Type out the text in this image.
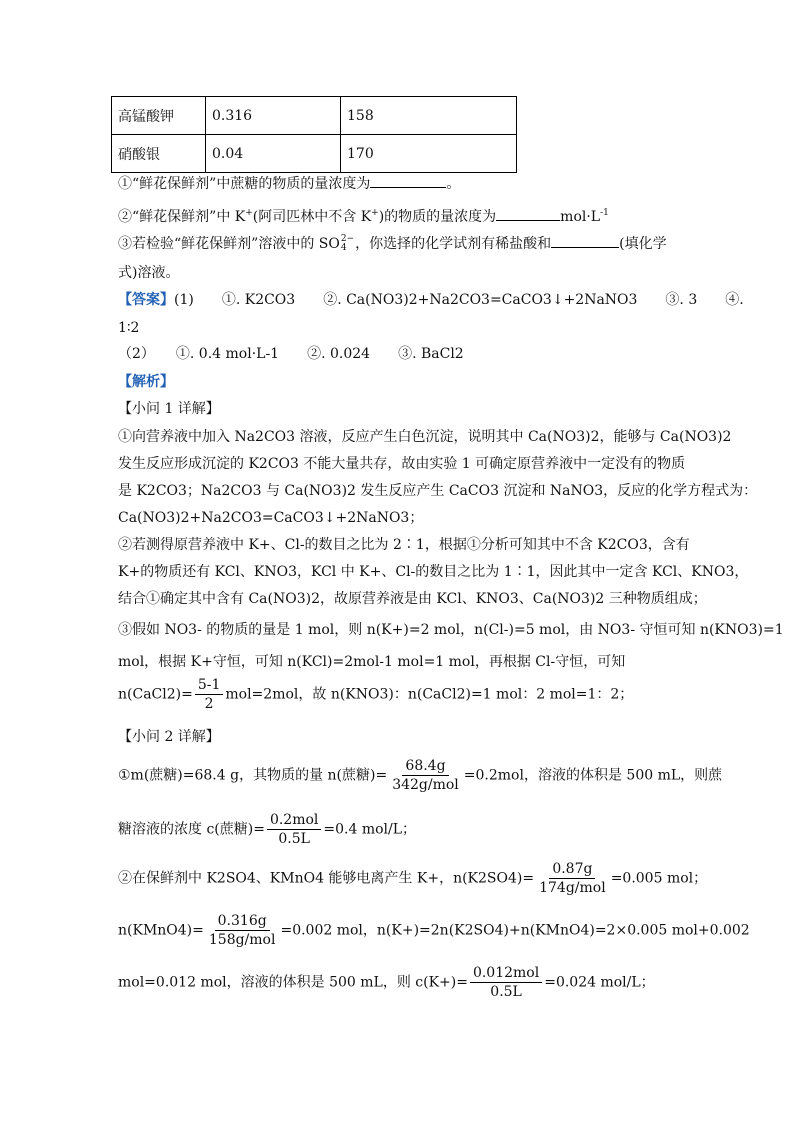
高锰酸钾	0.316	158
硝酸银	0.04	170
①“鲜花保鲜剂”中蔗糖的物质的量浓度为	。
②“鲜花保鲜剂”中 K+(阿司匹林中不含 K+)的物质的量浓度为	$mol\cdot L^{-1}$
③若检验“鲜花保鲜剂”溶液中的 SO 2−
4 ，你选择的化学试剂有稀盐酸和	(填化学
式)溶液。
【答案】(1)　　①. K2CO3　　②. Ca(NO3)2+Na2CO3=CaCO3↓+2NaNO3　　③. 3　　④.
1∶2
（2）　　①. 0.4 mol·L-1　　②. 0.024　　③. BaCl2
【解析】
【小问 1 详解】
①向营养液中加入 Na2CO3 溶液，反应产生白色沉淀，说明其中 Ca(NO3)2，能够与 Ca(NO3)2
发生反应形成沉淀的 K2CO3 不能大量共存，故由实验 1 可确定原营养液中一定没有的物质
是 K2CO3；Na2CO3 与 Ca(NO3)2 发生反应产生 CaCO3 沉淀和 NaNO3，反应的化学方程式为：
Ca(NO3)2+Na2CO3=CaCO3↓+2NaNO3；
②若测得原营养液中 K+、Cl-的数目之比为 2∶1，根据①分析可知其中不含 K2CO3，含有
K+的物质还有 KCl、KNO3，KCl 中 K+、Cl-的数目之比为 1∶1，因此其中一定含 KCl、KNO3，
结合①确定其中含有 Ca(NO3)2，故原营养液是由 KCl、KNO3、Ca(NO3)2 三种物质组成；
③假如 NO3- 的物质的量是 1 mol，则 n(K+)=2 mol，n(Cl-)=5 mol，由 NO3- 守恒可知 n(KNO3)=1
mol，根据 K+守恒，可知 n(KCl)=2mol-1 mol=1 mol，再根据 Cl-守恒，可知
n(CaCl2)= $\frac{5-1}{2} mol=2mol$，故 n(KNO3)：n(CaCl2)=1 mol：2 mol=1：2；
【小问 2 详解】
①m(蔗糖)=68.4 g，其物质的量 n(蔗糖)= $\frac{68.4g}{\text{342g/mol}} =0.2mol$，溶液的体积是 500 mL，则蔗
糖溶液的浓度 c(蔗糖)= $\frac{\text{0.2mol}}{0.5L} =0.4$ mol/L；
②在保鲜剂中 K2SO4、KMnO4 能够电离产生 K+，$n(K2SO4)= \frac{0.87g}{\text{174g/mol}} =0.005$ mol；
n(KMnO4)= $\frac{0.316g}{\text{158g/mol}} =0.002$ mol，n(K+)=2n(K2SO4)+n(KMnO4)=2×0.005 mol+0.002
mol=0.012 mol，溶液的体积是 500 mL，则 $c(K+)= \frac{\text{0.012mol}}{0.5L} =0.024$ mol/L；
